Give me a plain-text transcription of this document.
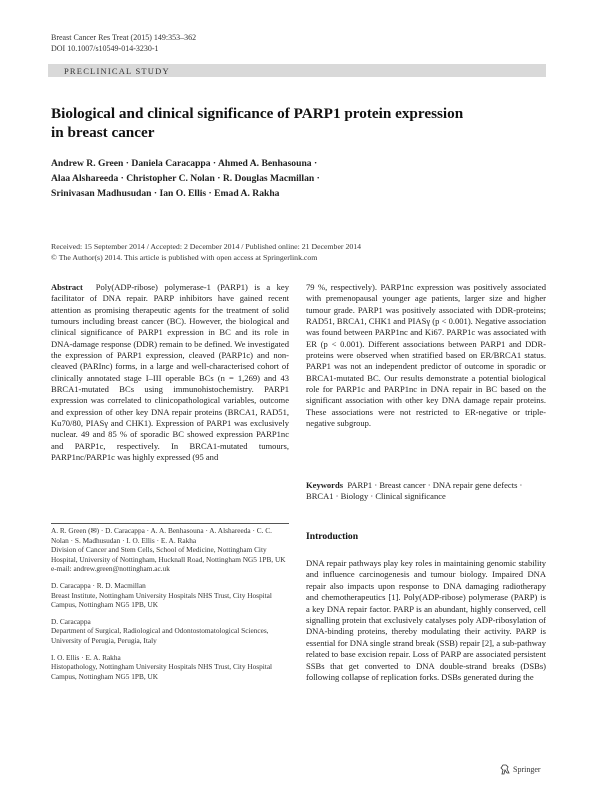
Breast Cancer Res Treat (2015) 149:353–362
DOI 10.1007/s10549-014-3230-1
PRECLINICAL STUDY
Biological and clinical significance of PARP1 protein expression in breast cancer
Andrew R. Green · Daniela Caracappa · Ahmed A. Benhasouna ·
Alaa Alshareeda · Christopher C. Nolan · R. Douglas Macmillan ·
Srinivasan Madhusudan · Ian O. Ellis · Emad A. Rakha
Received: 15 September 2014 / Accepted: 2 December 2014 / Published online: 21 December 2014
© The Author(s) 2014. This article is published with open access at Springerlink.com

Abstract Poly(ADP-ribose) polymerase-1 (PARP1) is a key facilitator of DNA repair. PARP inhibitors have gained recent attention as promising therapeutic agents for the treatment of solid tumours including breast cancer (BC). However, the biological and clinical significance of PARP1 expression in BC and its role in DNA-damage response (DDR) remain to be defined. We investigated the expression of PARP1 expression, cleaved (PARP1c) and non-cleaved (PARInc) forms, in a large and well-characterised cohort of clinically annotated stage I–III operable BCs (n = 1,269) and 43 BRCA1-mutated BCs using immunohistochemistry. PARP1 expression was correlated to clinicopathological variables, outcome and expression of other key DNA repair proteins (BRCA1, RAD51, Ku70/80, PIASγ and CHK1). Expression of PARP1 was exclusively nuclear. 49 and 85 % of sporadic BC showed expression PARP1nc and PARP1c, respectively. In BRCA1-mutated tumours, PARP1nc/PARP1c was highly expressed (95 and

79 %, respectively). PARP1nc expression was positively associated with premenopausal younger age patients, larger size and higher tumour grade. PARP1 was positively associated with DDR-proteins; RAD51, BRCA1, CHK1 and PIASγ (p < 0.001). Negative association was found between PARP1nc and Ki67. PARP1c was associated with ER (p < 0.001). Different associations between PARP1 and DDR-proteins were observed when stratified based on ER/BRCA1 status. PARP1 was not an independent predictor of outcome in sporadic or BRCA1-mutated BC. Our results demonstrate a potential biological role for PARP1c and PARP1nc in DNA repair in BC based on the significant association with other key DNA damage repair proteins. These associations were not restricted to ER-negative or triple-negative subgroup.

Keywords PARP1 · Breast cancer · DNA repair gene defects · BRCA1 · Biology · Clinical significance
A. R. Green (✉) · D. Caracappa · A. A. Benhasouna · A. Alshareeda · C. C. Nolan · S. Madhusudan · I. O. Ellis · E. A. Rakha
Division of Cancer and Stem Cells, School of Medicine, Nottingham City Hospital, University of Nottingham, Hucknall Road, Nottingham NG5 1PB, UK
e-mail: andrew.green@nottingham.ac.uk
D. Caracappa · R. D. Macmillan
Breast Institute, Nottingham University Hospitals NHS Trust, City Hospital Campus, Nottingham NG5 1PB, UK
D. Caracappa
Department of Surgical, Radiological and Odontostomatological Sciences, University of Perugia, Perugia, Italy
I. O. Ellis · E. A. Rakha
Histopathology, Nottingham University Hospitals NHS Trust, City Hospital Campus, Nottingham NG5 1PB, UK
Introduction
DNA repair pathways play key roles in maintaining genomic stability and influence carcinogenesis and tumour biology. Impaired DNA repair also impacts upon response to DNA damaging radiotherapy and chemotherapeutics [1]. Poly(ADP-ribose) polymerase (PARP) is a key DNA repair factor. PARP is an abundant, highly conserved, cell signalling protein that exclusively catalyses poly ADP-ribosylation of DNA-binding proteins, thereby modulating their activity. PARP is essential for DNA single strand break (SSB) repair [2], a sub-pathway related to base excision repair. Loss of PARP are associated persistent SSBs that get converted to DNA double-strand breaks (DSBs) following collapse of replication forks. DSBs generated during the
Springer
